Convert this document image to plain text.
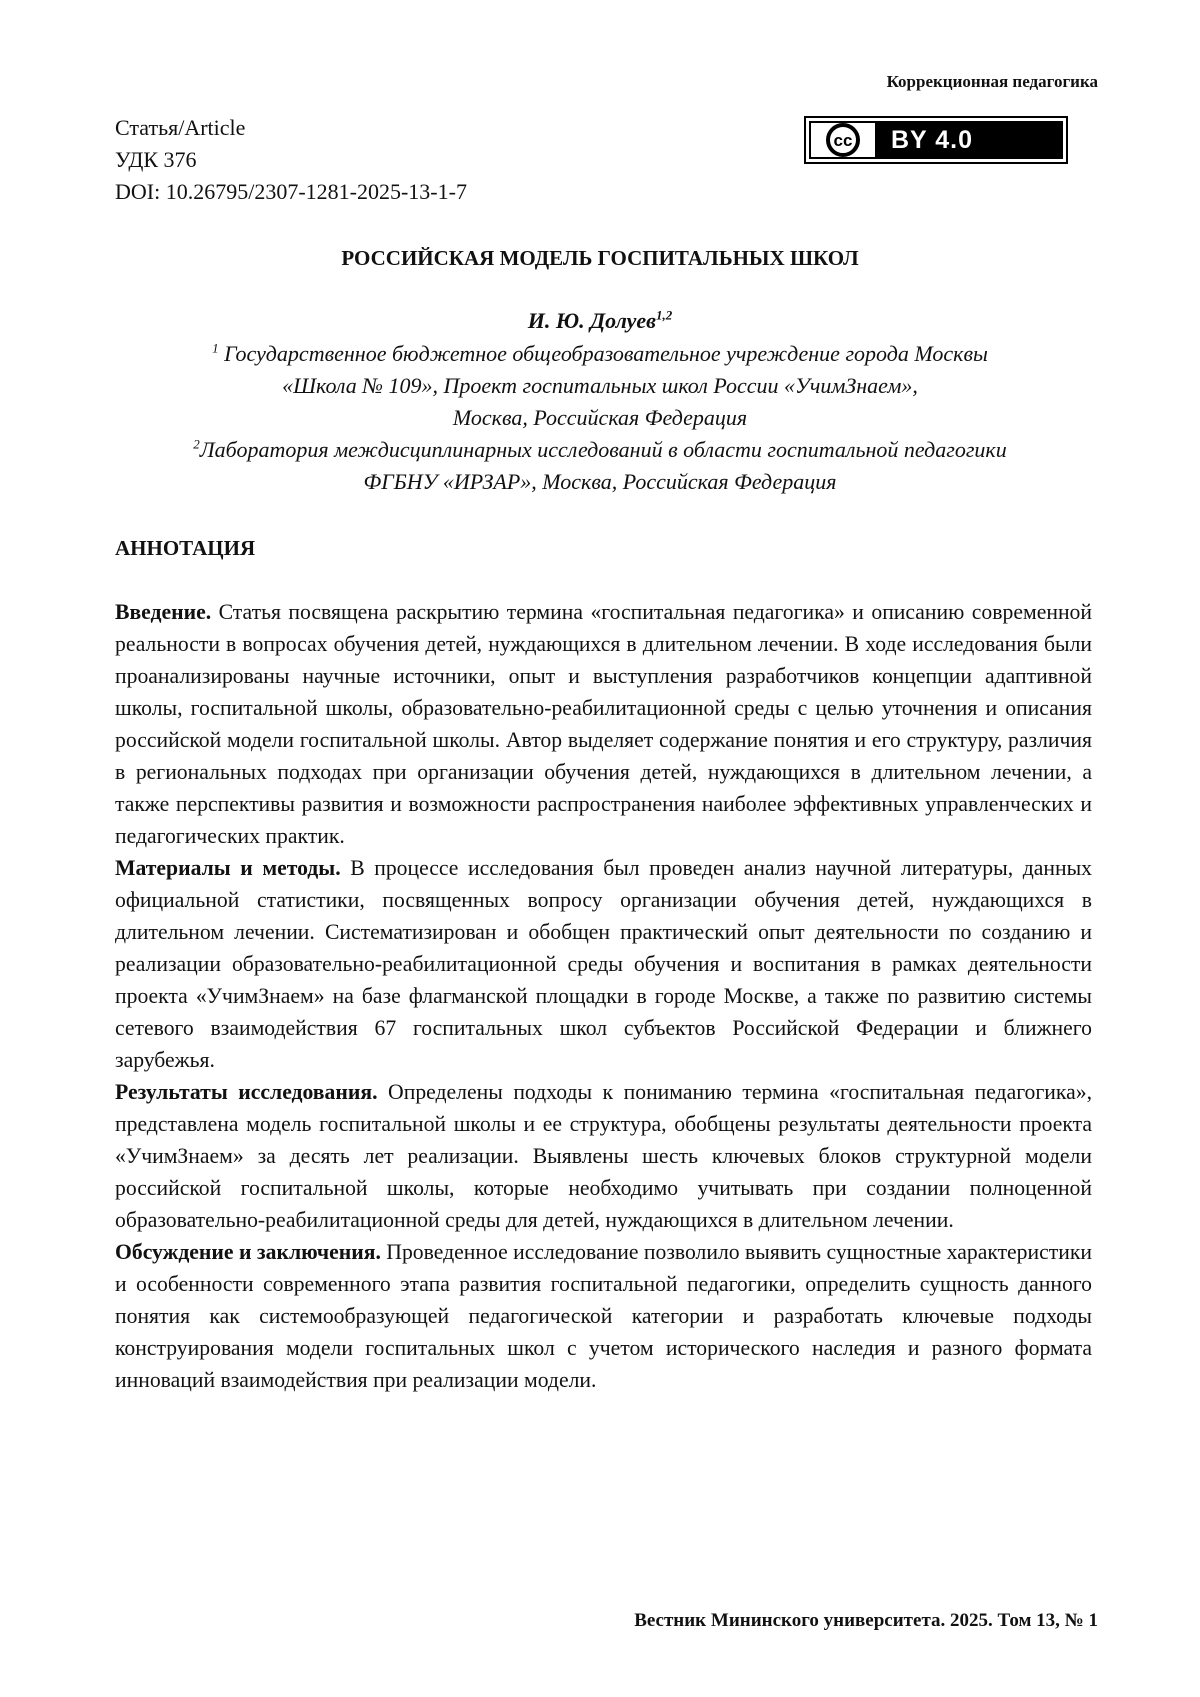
Коррекционная педагогика
Статья/Article
УДК 376
DOI: 10.26795/2307-1281-2025-13-1-7
cc	BY 4.0
РОССИЙСКАЯ МОДЕЛЬ ГОСПИТАЛЬНЫХ ШКОЛ
И. Ю. Долуев1,2
1 Государственное бюджетное общеобразовательное учреждение города Москвы
«Школа № 109», Проект госпитальных школ России «УчимЗнаем»,
Москва, Российская Федерация
2Лаборатория междисциплинарных исследований в области госпитальной педагогики
ФГБНУ «ИРЗАР», Москва, Российская Федерация
АННОТАЦИЯ

Введение. Статья посвящена раскрытию термина «госпитальная педагогика» и описанию современной реальности в вопросах обучения детей, нуждающихся в длительном лечении. В ходе исследования были проанализированы научные источники, опыт и выступления разработчиков концепции адаптивной школы, госпитальной школы, образовательно-реабилитационной среды с целью уточнения и описания российской модели госпитальной школы. Автор выделяет содержание понятия и его структуру, различия в региональных подходах при организации обучения детей, нуждающихся в длительном лечении, а также перспективы развития и возможности распространения наиболее эффективных управленческих и педагогических практик.

Материалы и методы. В процессе исследования был проведен анализ научной литературы, данных официальной статистики, посвященных вопросу организации обучения детей, нуждающихся в длительном лечении. Систематизирован и обобщен практический опыт деятельности по созданию и реализации образовательно-реабилитационной среды обучения и воспитания в рамках деятельности проекта «УчимЗнаем» на базе флагманской площадки в городе Москве, а также по развитию системы сетевого взаимодействия 67 госпитальных школ субъектов Российской Федерации и ближнего зарубежья.

Результаты исследования. Определены подходы к пониманию термина «госпитальная педагогика», представлена модель госпитальной школы и ее структура, обобщены результаты деятельности проекта «УчимЗнаем» за десять лет реализации. Выявлены шесть ключевых блоков структурной модели российской госпитальной школы, которые необходимо учитывать при создании полноценной образовательно-реабилитационной среды для детей, нуждающихся в длительном лечении.

Обсуждение и заключения. Проведенное исследование позволило выявить сущностные характеристики и особенности современного этапа развития госпитальной педагогики, определить сущность данного понятия как системообразующей педагогической категории и разработать ключевые подходы конструирования модели госпитальных школ с учетом исторического наследия и разного формата инноваций взаимодействия при реализации модели.

Вестник Мининского университета. 2025. Том 13, № 1
